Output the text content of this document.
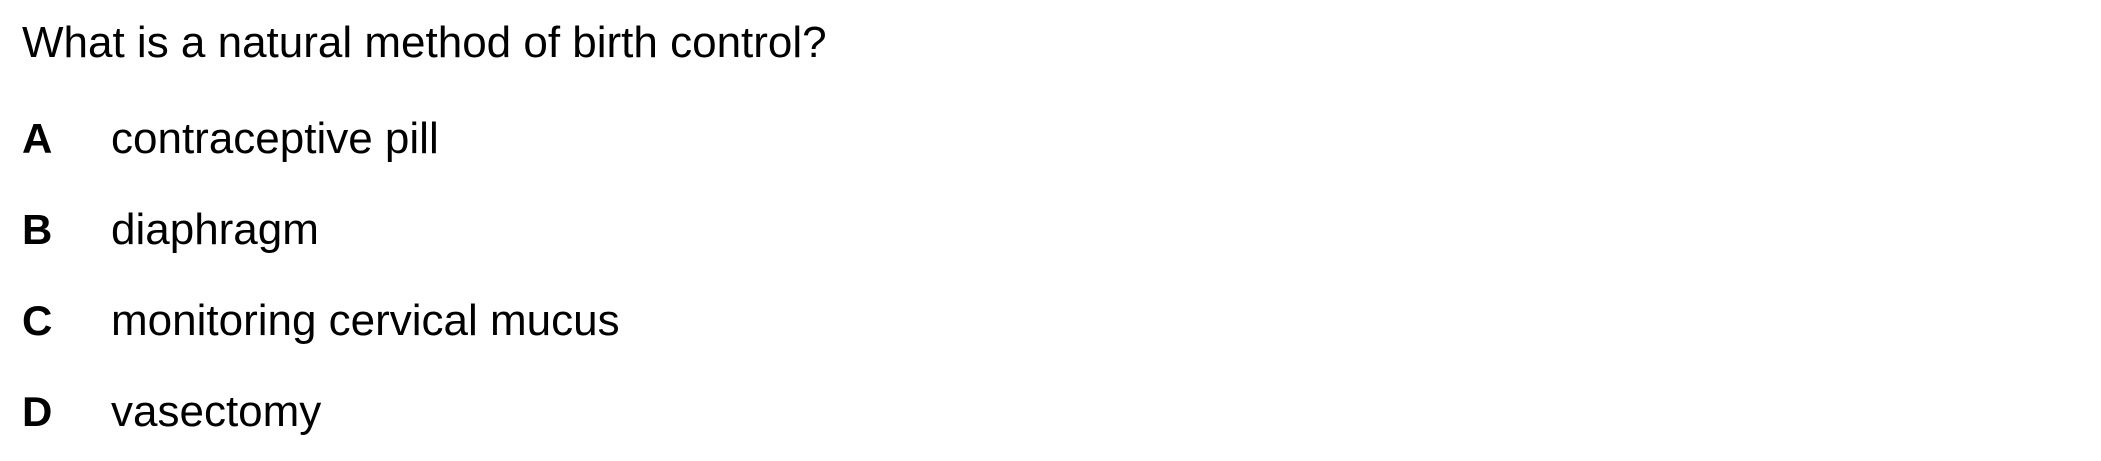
What is a natural method of birth control?
A contraceptive pill
B diaphragm
C monitoring cervical mucus
D vasectomy
